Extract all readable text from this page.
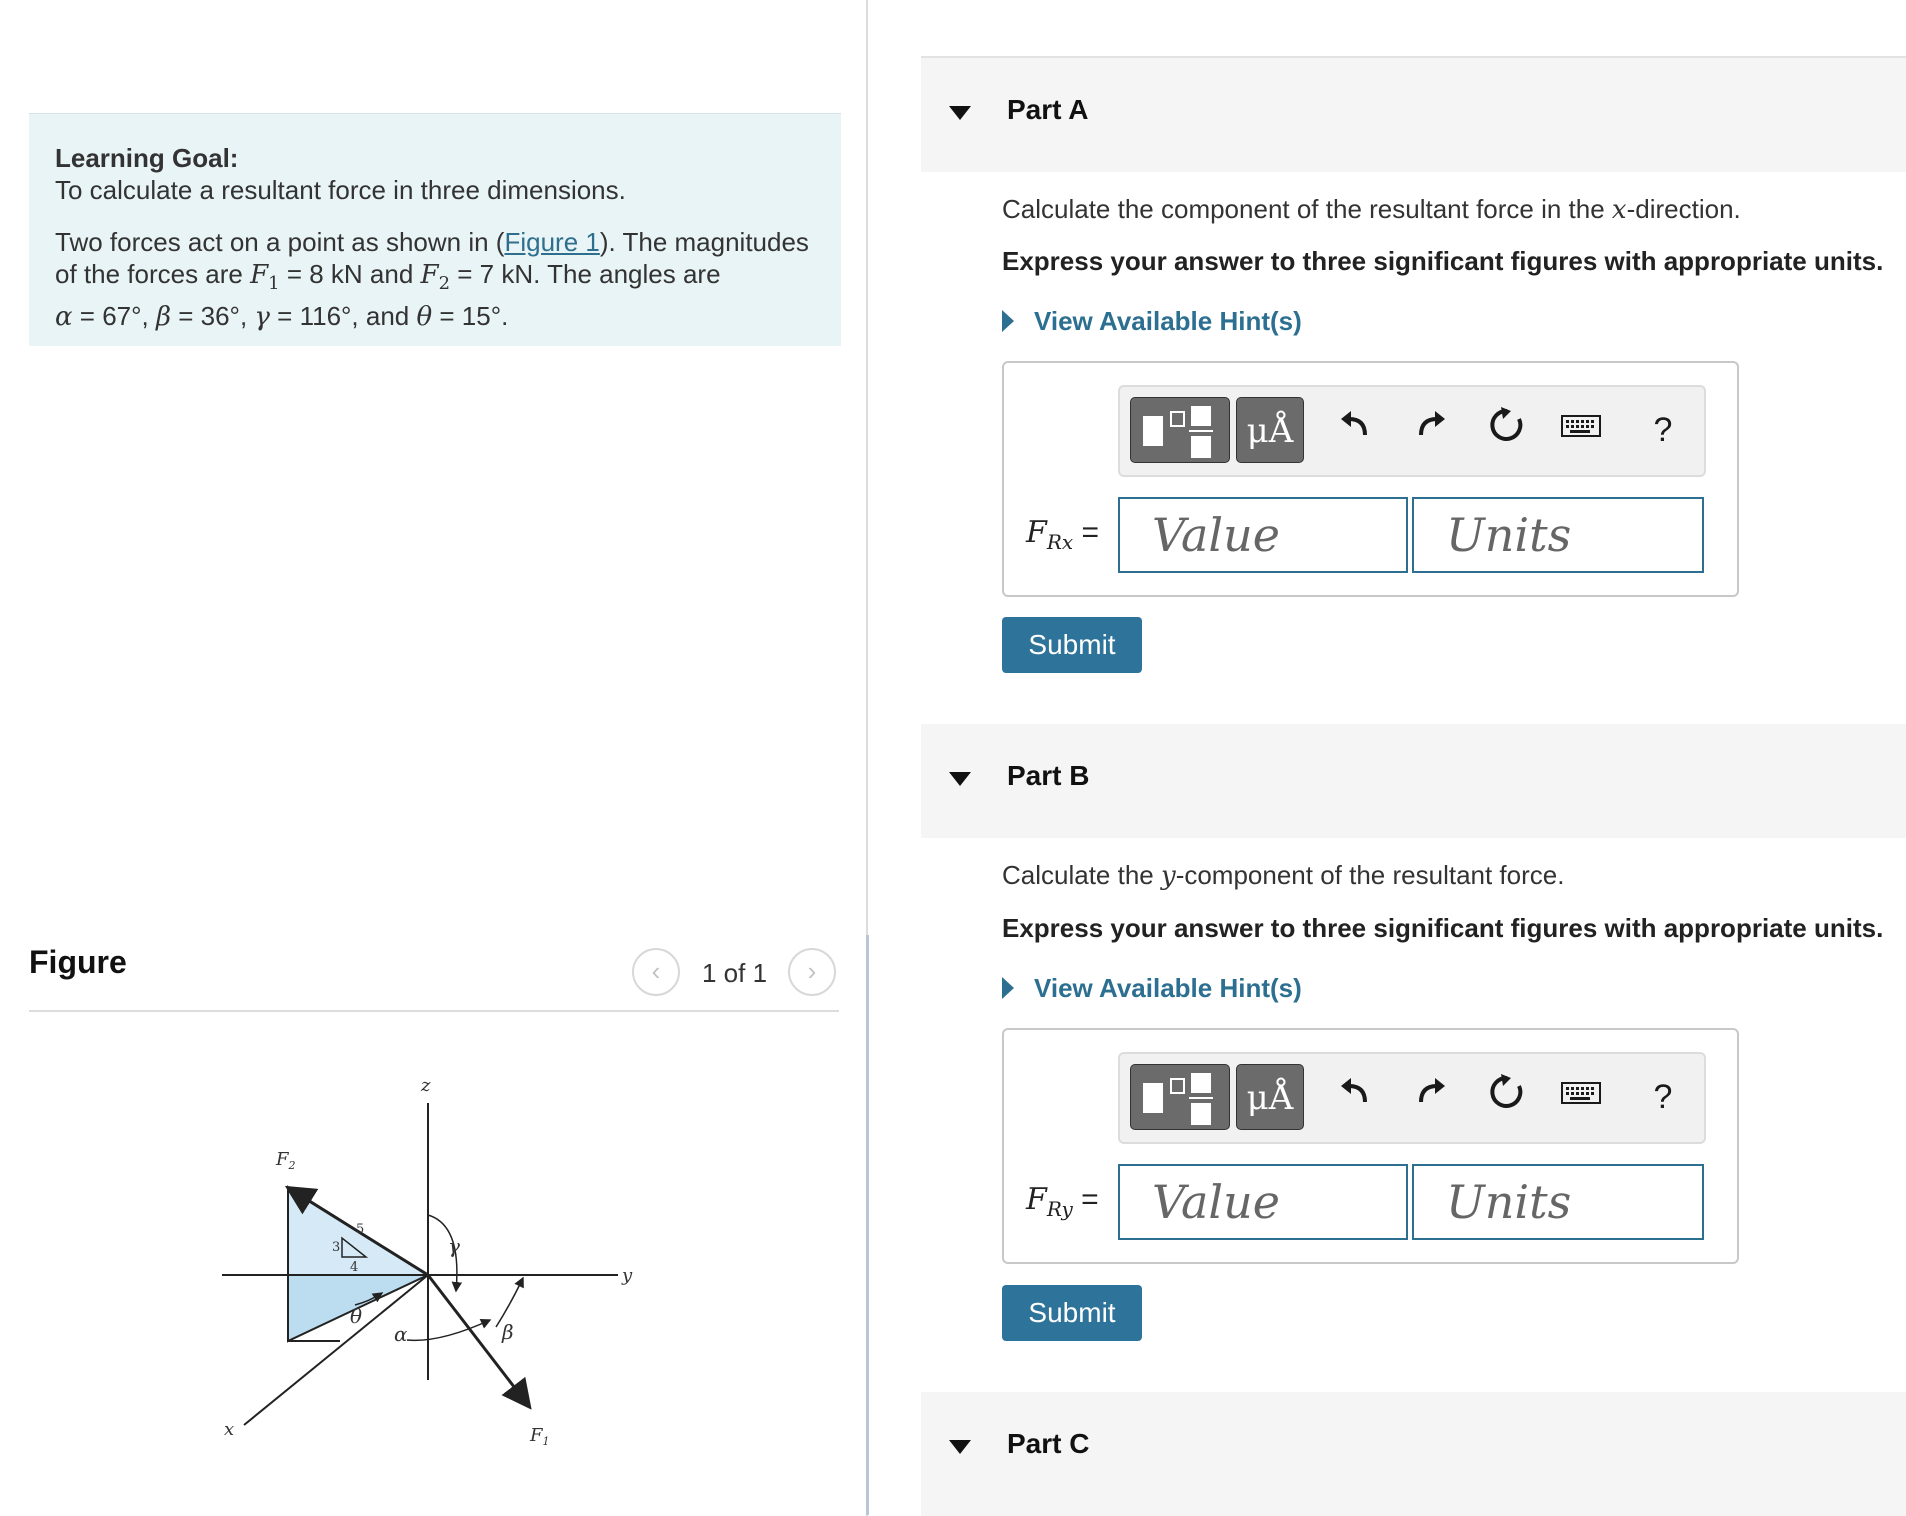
Learning Goal:
To calculate a resultant force in three dimensions.
Two forces act on a point as shown in (Figure 1). The magnitudes of the forces are $F_1 = 8$ kN and $F_2 = 7$ kN. The angles are
α = 67°, β = 36°, γ = 116°, and θ = 15°.
Figure	‹	1 of 1	›
z
y
x
$F_2$
$F_1$
γ
β
α
θ
3
4
5
Part A
Calculate the component of the resultant force in the x-direction.
Express your answer to three significant figures with appropriate units.
View Available Hint(s)
μÅ	?
$F_{Rx}$ =	Value	Units
Submit
Part B
Calculate the y-component of the resultant force.
Express your answer to three significant figures with appropriate units.
View Available Hint(s)
μÅ	?
$F_{Ry}$ =	Value	Units
Submit
Part C
